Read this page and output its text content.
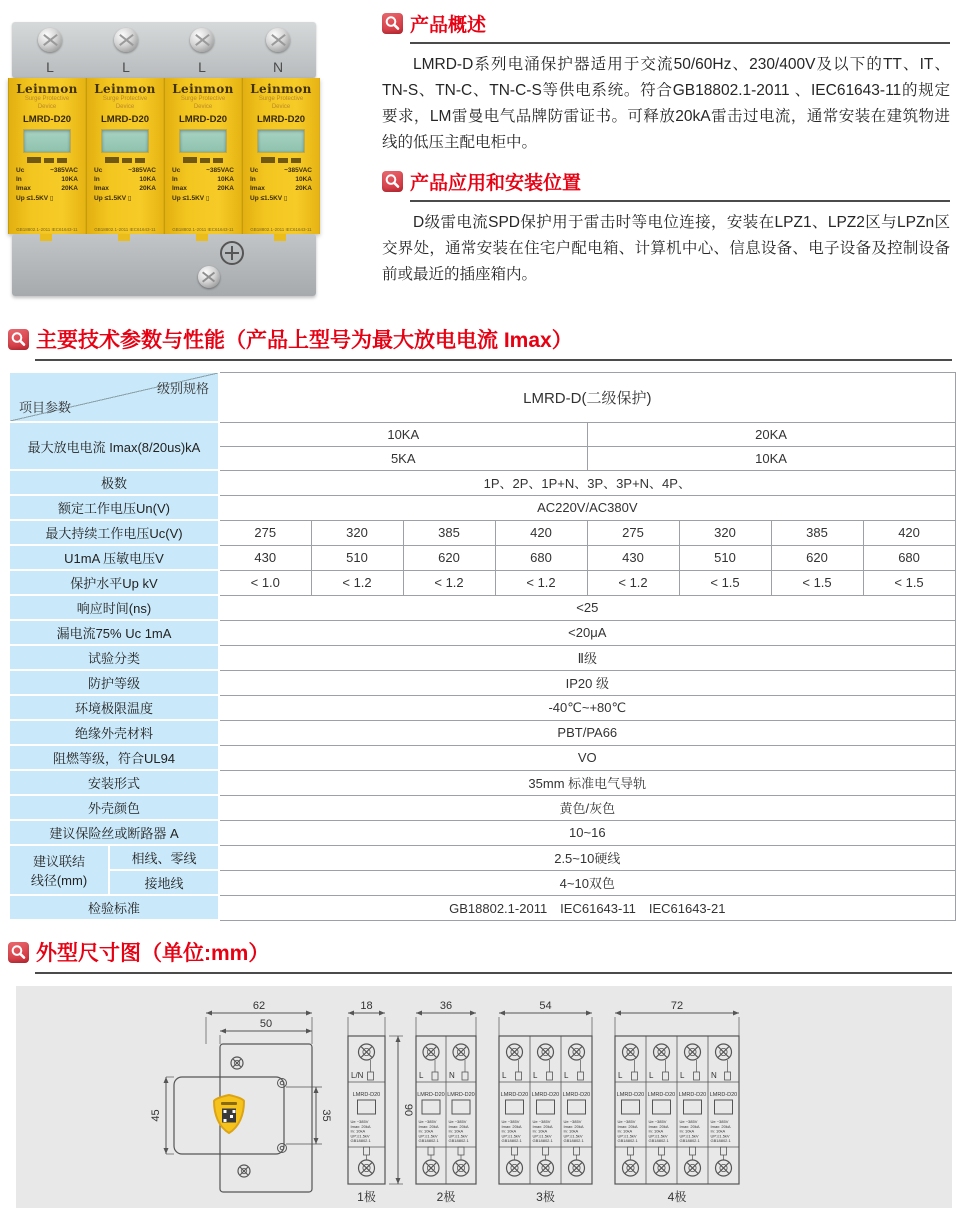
L	L	L	N
Leinmon
Surge Protective
Device
LMRD-D20
Uc	~385VAC
In	10KA
Imax	20KA
Up ≤1.5KV ▯
GB18802.1-2011 IEC61643-11
Leinmon
Surge Protective
Device
LMRD-D20
Uc	~385VAC
In	10KA
Imax	20KA
Up ≤1.5KV ▯
GB18802.1-2011 IEC61643-11
Leinmon
Surge Protective
Device
LMRD-D20
Uc	~385VAC
In	10KA
Imax	20KA
Up ≤1.5KV ▯
GB18802.1-2011 IEC61643-11
Leinmon
Surge Protective
Device
LMRD-D20
Uc	~385VAC
In	10KA
Imax	20KA
Up ≤1.5KV ▯
GB18802.1-2011 IEC61643-11
产品概述

LMRD-D系列电涌保护器适用于交流50/60Hz、230/400V及以下的TT、IT、TN-S、TN-C、TN-C-S等供电系统。符合GB18802.1-2011 、IEC61643-11的规定要求，LM雷曼电气品牌防雷证书。可释放20kA雷击过电流，通常安装在建筑物进线的低压主配电柜中。

产品应用和安装位置

D级雷电流SPD保护用于雷击时等电位连接，安装在LPZ1、LPZ2区与LPZn区交界处，通常安装在住宅户配电箱、计算机中心、信息设备、电子设备及控制设备前或最近的插座箱内。

主要技术参数与性能（产品上型号为最大放电电流 Imax）
级别规格
项目参数		LMRD-D(二级保护)							
最大放电电流 Imax(8/20us)kA		10KA				20KA			
		5KA				10KA			
极数		1P、2P、1P+N、3P、3P+N、4P、							
额定工作电压Un(V)		AC220V/AC380V							
最大持续工作电压Uc(V)		275	320	385	420	275	320	385	420
U1mA 压敏电压V		430	510	620	680	430	510	620	680
保护水平Up kV		< 1.0	< 1.2	< 1.2	< 1.2	< 1.2	< 1.5	< 1.5	< 1.5
响应时间(ns)		<25							
漏电流75% Uc 1mA		<20μA							
试验分类		Ⅱ级							
防护等级		IP20 级							
环境极限温度		-40℃~+80℃							
绝缘外壳材料		PBT/PA66							
阻燃等级，符合UL94		VO							
安装形式		35mm 标准电气导轨							
外壳颜色		黄色/灰色							
建议保险丝或断路器 A		10~16							

建议联结
线径(mm)	相线、零线	2.5~10硬线							
	接地线	4~10双色							
检验标准		GB18802.1-2011　IEC61643-11　IEC61643-21							
外型尺寸图（单位:mm）
62
50
45	35
18
L/N
LMRD-D20
Ue ~385V
Imax: 20kA
In: 10kA
UP:≤1.5kV
GB18802.1
1极
90
36
L
LMRD-D20
Ue ~385V
Imax: 20kA
In: 10kA
UP:≤1.5kV
GB18802.1
N
LMRD-D20
Ue ~385V
Imax: 20kA
In: 10kA
UP:≤1.5kV
GB18802.1
2极
54
L
LMRD-D20
Ue ~385V
Imax: 20kA
In: 10kA
UP:≤1.5kV
GB18802.1
L
LMRD-D20
Ue ~385V
Imax: 20kA
In: 10kA
UP:≤1.5kV
GB18802.1
L
LMRD-D20
Ue ~385V
Imax: 20kA
In: 10kA
UP:≤1.5kV
GB18802.1
3极
72
L
LMRD-D20
Ue ~385V
Imax: 20kA
In: 10kA
UP:≤1.5kV
GB18802.1
L
LMRD-D20
Ue ~385V
Imax: 20kA
In: 10kA
UP:≤1.5kV
GB18802.1
L
LMRD-D20
Ue ~385V
Imax: 20kA
In: 10kA
UP:≤1.5kV
GB18802.1
N
LMRD-D20
Ue ~385V
Imax: 20kA
In: 10kA
UP:≤1.5kV
GB18802.1
4极
